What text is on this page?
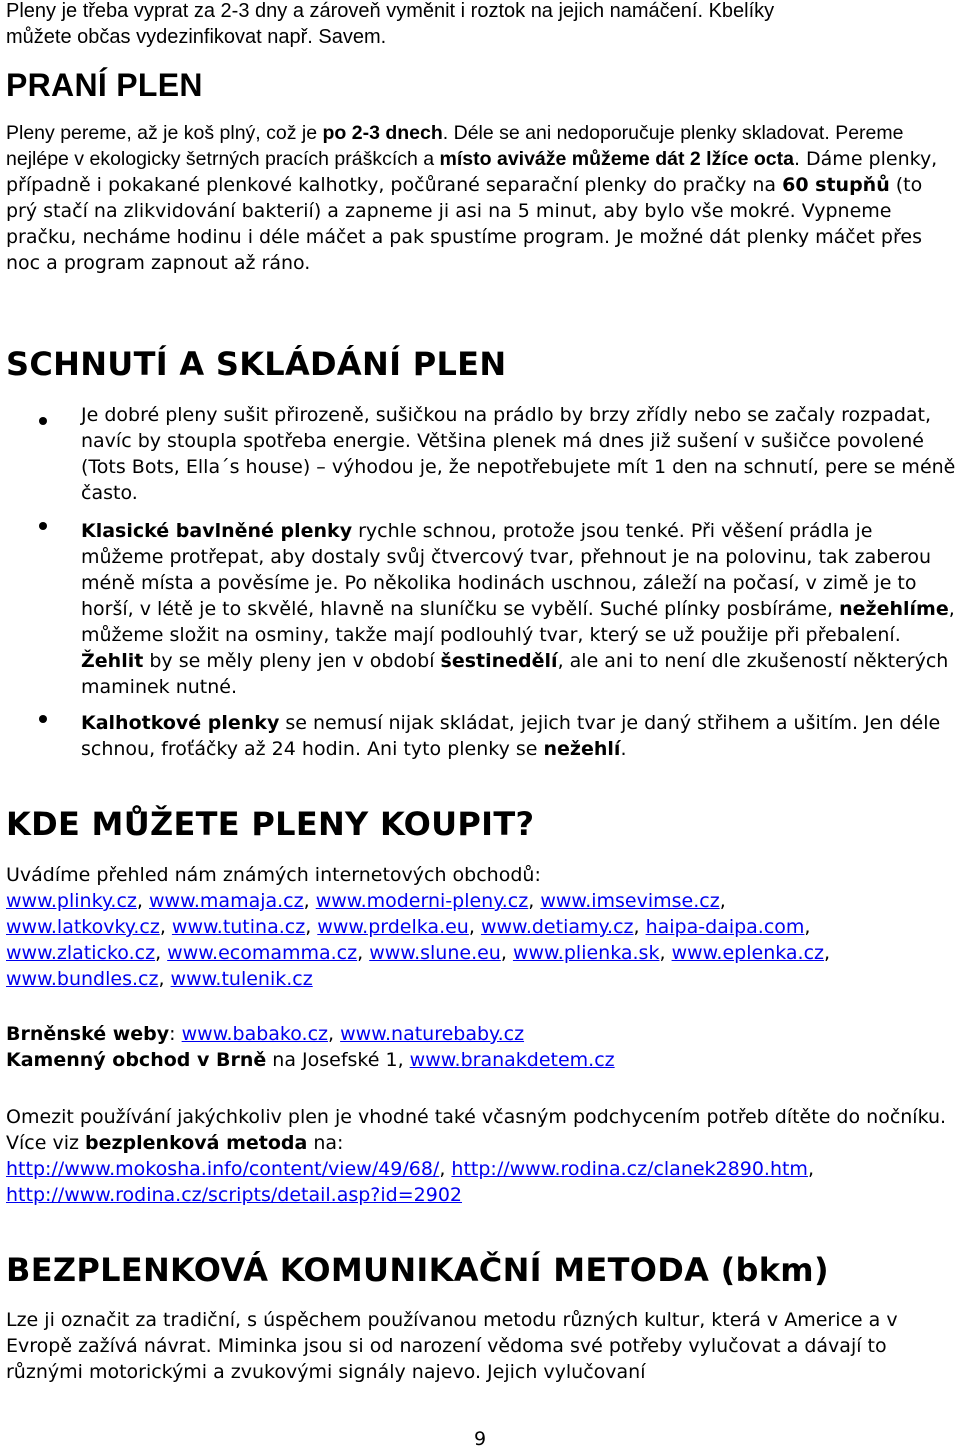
Pleny je třeba vyprat za 2-3 dny a zároveň vyměnit i roztok na jejich namáčení. Kbelíky
můžete občas vydezinfikovat např. Savem.
PRANÍ PLEN
Pleny pereme, až je koš plný, což je po 2-3 dnech. Déle se ani nedoporučuje plenky skladovat. Pereme nejlépe v ekologicky šetrných pracích práškcích a místo aviváže můžeme dát 2 lžíce octa. Dáme plenky, případně i pokakané plenkové kalhotky, počůrané separační plenky do pračky na 60 stupňů (to prý stačí na zlikvidování bakterií) a zapneme ji asi na 5 minut, aby bylo vše mokré. Vypneme pračku, necháme hodinu i déle máčet a pak spustíme program. Je možné dát plenky máčet přes noc a program zapnout až ráno.
SCHNUTÍ A SKLÁDÁNÍ PLEN
Je dobré pleny sušit přirozeně, sušičkou na prádlo by brzy zřídly nebo se začaly rozpadat, navíc by stoupla spotřeba energie. Většina plenek má dnes již sušení v sušičce povolené (Tots Bots, Ella´s house) – výhodou je, že nepotřebujete mít 1 den na schnutí, pere se méně často.
Klasické bavlněné plenky rychle schnou, protože jsou tenké. Při věšení prádla je můžeme protřepat, aby dostaly svůj čtvercový tvar, přehnout je na polovinu, tak zaberou méně místa a pověsíme je. Po několika hodinách uschnou, záleží na počasí, v zimě je to horší, v létě je to skvělé, hlavně na sluníčku se vybělí. Suché plínky posbíráme, nežehlíme, můžeme složit na osminy, takže mají podlouhlý tvar, který se už použije při přebalení. Žehlit by se měly pleny jen v období šestinedělí, ale ani to není dle zkušeností některých maminek nutné.
Kalhotkové plenky se nemusí nijak skládat, jejich tvar je daný střihem a ušitím. Jen déle schnou, froťáčky až 24 hodin. Ani tyto plenky se nežehlí.
KDE MŮŽETE PLENY KOUPIT?
Uvádíme přehled nám známých internetových obchodů:
www.plinky.cz, www.mamaja.cz, www.moderni-pleny.cz, www.imsevimse.cz,
www.latkovky.cz, www.tutina.cz, www.prdelka.eu, www.detiamy.cz, haipa-daipa.com,
www.zlaticko.cz, www.ecomamma.cz, www.slune.eu, www.plienka.sk, www.eplenka.cz,
www.bundles.cz, www.tulenik.cz
Brněnské weby: www.babako.cz, www.naturebaby.cz
Kamenný obchod v Brně na Josefské 1, www.branakdetem.cz
Omezit používání jakýchkoliv plen je vhodné také včasným podchycením potřeb dítěte do nočníku. Více viz bezplenková metoda na:
http://www.mokosha.info/content/view/49/68/, http://www.rodina.cz/clanek2890.htm,
http://www.rodina.cz/scripts/detail.asp?id=2902
BEZPLENKOVÁ KOMUNIKAČNÍ METODA (bkm)
Lze ji označit za tradiční, s úspěchem používanou metodu různých kultur, která v Americe a v Evropě zažívá návrat. Miminka jsou si od narození vědoma své potřeby vylučovat a dávají to různými motorickými a zvukovými signály najevo. Jejich vylučovaní
9
